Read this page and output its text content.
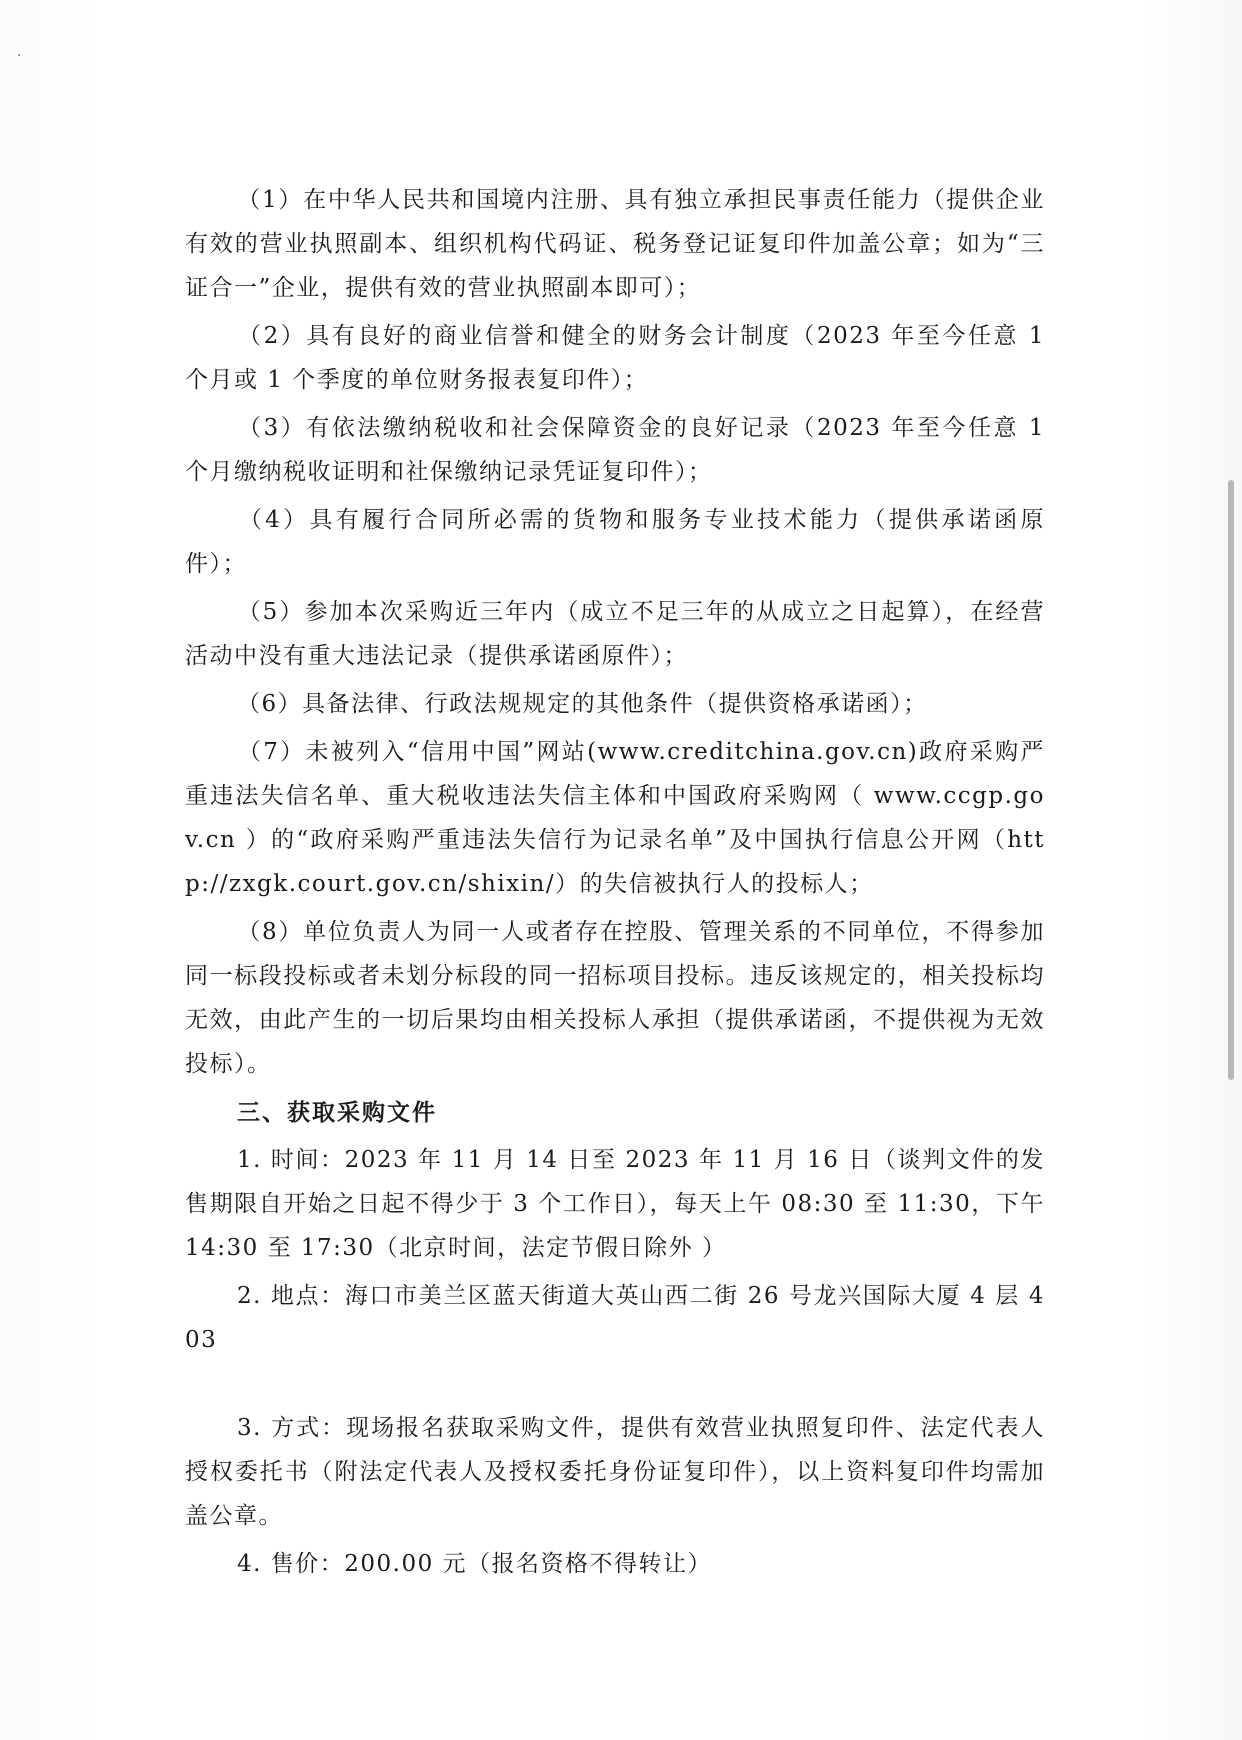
（1）在中华人民共和国境内注册、具有独立承担民事责任能力（提供企业有效的营业执照副本、组织机构代码证、税务登记证复印件加盖公章；如为“三证合一”企业，提供有效的营业执照副本即可）；

（2）具有良好的商业信誉和健全的财务会计制度（2023 年至今任意 1 个月或 1 个季度的单位财务报表复印件）；

（3）有依法缴纳税收和社会保障资金的良好记录（2023 年至今任意 1 个月缴纳税收证明和社保缴纳记录凭证复印件）；

（4）具有履行合同所必需的货物和服务专业技术能力（提供承诺函原件）；

（5）参加本次采购近三年内（成立不足三年的从成立之日起算），在经营活动中没有重大违法记录（提供承诺函原件）；

（6）具备法律、行政法规规定的其他条件（提供资格承诺函）；

（7）未被列入“信用中国”网站(www.creditchina.gov.cn)政府采购严重违法失信名单、重大税收违法失信主体和中国政府采购网（ www.ccgp.gov.cn ）的“政府采购严重违法失信行为记录名单”及中国执行信息公开网（http://zxgk.court.gov.cn/shixin/）的失信被执行人的投标人；

（8）单位负责人为同一人或者存在控股、管理关系的不同单位，不得参加同一标段投标或者未划分标段的同一招标项目投标。违反该规定的，相关投标均无效，由此产生的一切后果均由相关投标人承担（提供承诺函，不提供视为无效投标）。

三、获取采购文件

1. 时间：2023 年 11 月 14 日至 2023 年 11 月 16 日（谈判文件的发售期限自开始之日起不得少于 3 个工作日），每天上午 08:30 至 11:30，下午 14:30 至 17:30（北京时间，法定节假日除外 ）

2. 地点：海口市美兰区蓝天街道大英山西二街 26 号龙兴国际大厦 4 层 403

3. 方式：现场报名获取采购文件，提供有效营业执照复印件、法定代表人授权委托书（附法定代表人及授权委托身份证复印件），以上资料复印件均需加盖公章。

4. 售价：200.00 元（报名资格不得转让）
